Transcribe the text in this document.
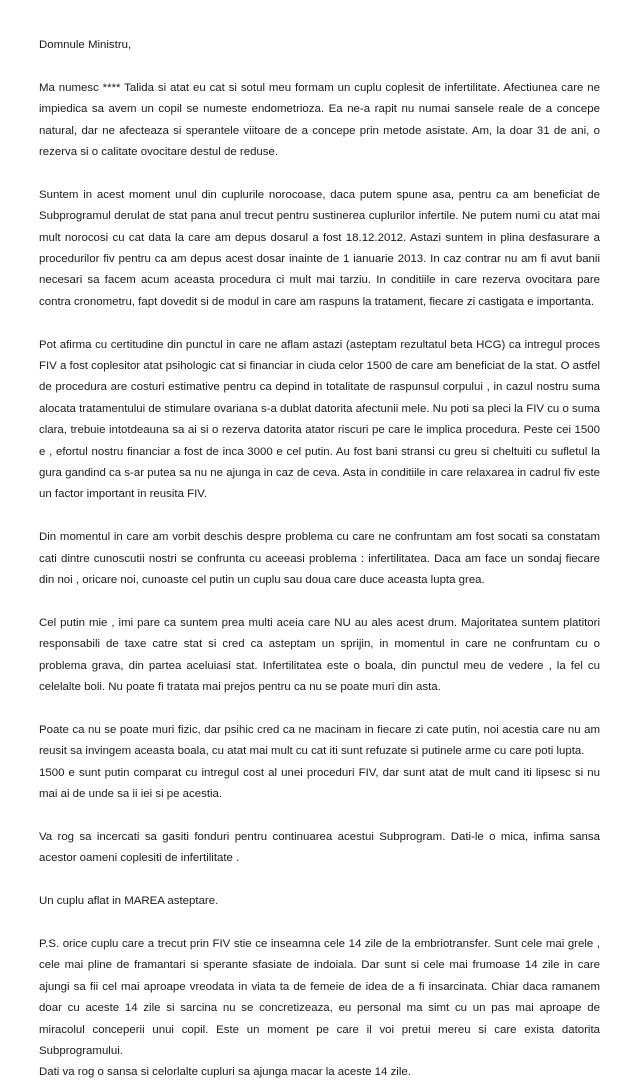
Domnule Ministru,

Ma numesc **** Talida si atat eu cat si sotul meu formam un cuplu coplesit de infertilitate. Afectiunea care ne impiedica sa avem un copil se numeste endometrioza. Ea ne-a rapit nu numai sansele reale de a concepe natural, dar ne afecteaza si sperantele viitoare de a concepe prin metode asistate. Am, la doar 31 de ani, o rezerva si o calitate ovocitare destul de reduse.

Suntem in acest moment unul din cuplurile norocoase, daca putem spune asa, pentru ca am beneficiat de Subprogramul derulat de stat pana anul trecut pentru sustinerea cuplurilor infertile. Ne putem numi cu atat mai mult norocosi cu cat data la care am depus dosarul a fost 18.12.2012. Astazi suntem in plina desfasurare a procedurilor fiv pentru ca am depus acest dosar inainte de 1 ianuarie 2013. In caz contrar nu am fi avut banii necesari sa facem acum aceasta procedura ci mult mai tarziu. In conditiile in care rezerva ovocitara pare contra cronometru, fapt dovedit si de modul in care am raspuns la tratament, fiecare zi castigata e importanta.

Pot afirma cu certitudine din punctul in care ne aflam astazi (asteptam rezultatul beta HCG) ca intregul proces FIV a fost coplesitor atat psihologic cat si financiar in ciuda celor 1500 de care am beneficiat de la stat. O astfel de procedura are costuri estimative pentru ca depind in totalitate de raspunsul corpului , in cazul nostru suma alocata tratamentului de stimulare ovariana s-a dublat datorita afectunii mele. Nu poti sa pleci la FIV cu o suma clara, trebuie intotdeauna sa ai si o rezerva datorita atator riscuri pe care le implica procedura. Peste cei 1500 e , efortul nostru financiar a fost de inca 3000 e cel putin. Au fost bani stransi cu greu si cheltuiti cu sufletul la gura gandind ca s-ar putea sa nu ne ajunga in caz de ceva. Asta in conditiile in care relaxarea in cadrul fiv este un factor important in reusita FIV.

Din momentul in care am vorbit deschis despre problema cu care ne confruntam am fost socati sa constatam cati dintre cunoscutii nostri se confrunta cu aceeasi problema : infertilitatea. Daca am face un sondaj fiecare din noi , oricare noi, cunoaste cel putin un cuplu sau doua care duce aceasta lupta grea.

Cel putin mie , imi pare ca suntem prea multi aceia care NU au ales acest drum. Majoritatea suntem platitori responsabili de taxe catre stat si cred ca asteptam un sprijin, in momentul in care ne confruntam cu o problema grava, din partea aceluiasi stat. Infertilitatea este o boala, din punctul meu de vedere , la fel cu celelalte boli. Nu poate fi tratata mai prejos pentru ca nu se poate muri din asta.

Poate ca nu se poate muri fizic, dar psihic cred ca ne macinam in fiecare zi cate putin, noi acestia care nu am reusit sa invingem aceasta boala, cu atat mai mult cu cat iti sunt refuzate si putinele arme cu care poti lupta.
1500 e sunt putin comparat cu intregul cost al unei proceduri FIV, dar sunt atat de mult cand iti lipsesc si nu mai ai de unde sa ii iei si pe acestia.

Va rog sa incercati sa gasiti fonduri pentru continuarea acestui Subprogram. Dati-le o mica, infima sansa acestor oameni coplesiti de infertilitate .

Un cuplu aflat in MAREA asteptare.

P.S. orice cuplu care a trecut prin FIV stie ce inseamna cele 14 zile de la embriotransfer. Sunt cele mai grele , cele mai pline de framantari si sperante sfasiate de indoiala. Dar sunt si cele mai frumoase 14 zile in care ajungi sa fii cel mai aproape vreodata in viata ta de femeie de idea de a fi insarcinata. Chiar daca ramanem doar cu aceste 14 zile si sarcina nu se concretizeaza, eu personal ma simt cu un pas mai aproape de miracolul conceperii unui copil. Este un moment pe care il voi pretui mereu si care exista datorita Subprogramului.
Dati va rog o sansa si celorlalte cupluri sa ajunga macar la aceste 14 zile.
